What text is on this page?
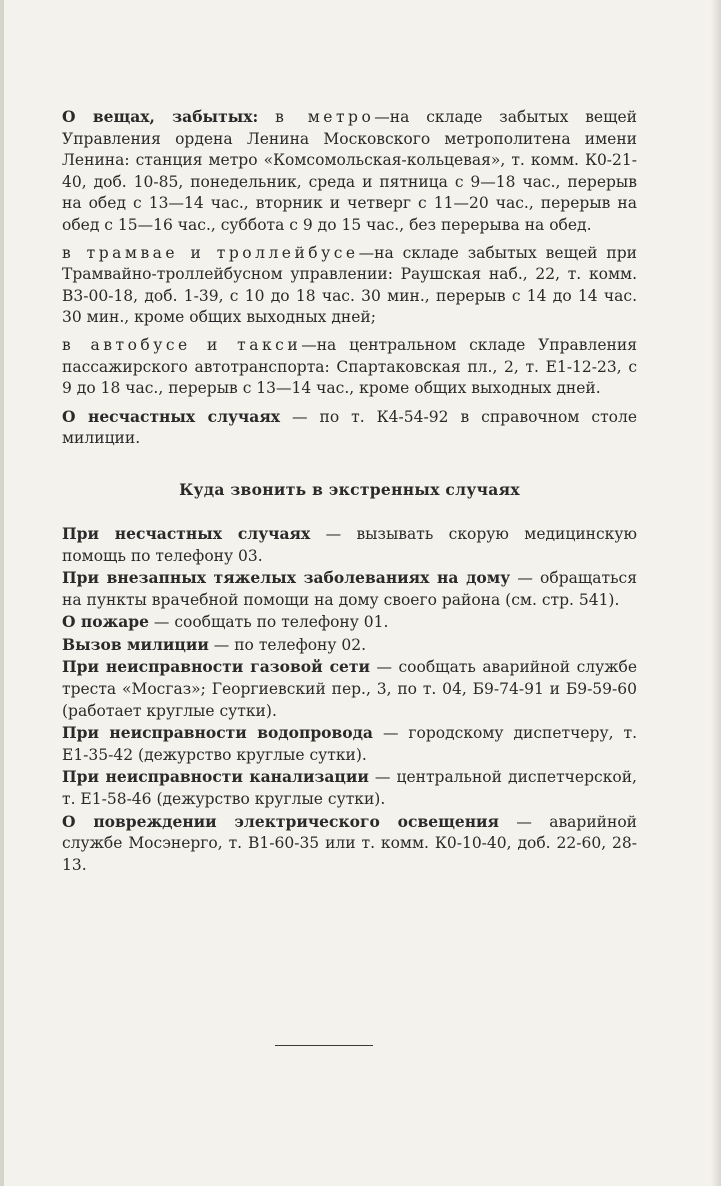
О вещах, забытых: в метро—на складе забытых вещей Управления ордена Ленина Московского метрополитена имени Ленина: станция метро «Комсомольская-кольцевая», т. комм. К0-21-40, доб. 10-85, понедельник, среда и пятница с 9—18 час., перерыв на обед с 13—14 час., вторник и четверг с 11—20 час., перерыв на обед с 15—16 час., суббота с 9 до 15 час., без перерыва на обед.

в трамвае и троллейбусе—на складе забытых вещей при Трамвайно-троллейбусном управлении: Раушская наб., 22, т. комм. В3-00-18, доб. 1-39, с 10 до 18 час. 30 мин., перерыв с 14 до 14 час. 30 мин., кроме общих выходных дней;

в автобусе и такси—на центральном складе Управления пассажирского автотранспорта: Спартаковская пл., 2, т. Е1-12-23, с 9 до 18 час., перерыв с 13—14 час., кроме общих выходных дней.

О несчастных случаях — по т. К4-54-92 в справочном столе милиции.

Куда звонить в экстренных случаях

При несчастных случаях — вызывать скорую медицинскую помощь по телефону 03.

При внезапных тяжелых заболеваниях на дому — обращаться на пункты врачебной помощи на дому своего района (см. стр. 541).

О пожаре — сообщать по телефону 01.

Вызов милиции — по телефону 02.

При неисправности газовой сети — сообщать аварийной службе треста «Мосгаз»; Георгиевский пер., 3, по т. 04, Б9-74-91 и Б9-59-60 (работает круглые сутки).

При неисправности водопровода — городскому диспетчеру, т. Е1-35-42 (дежурство круглые сутки).

При неисправности канализации — центральной диспетчерской, т. Е1-58-46 (дежурство круглые сутки).

О повреждении электрического освещения — аварийной службе Мосэнерго, т. В1-60-35 или т. комм. К0-10-40, доб. 22-60, 28-13.
